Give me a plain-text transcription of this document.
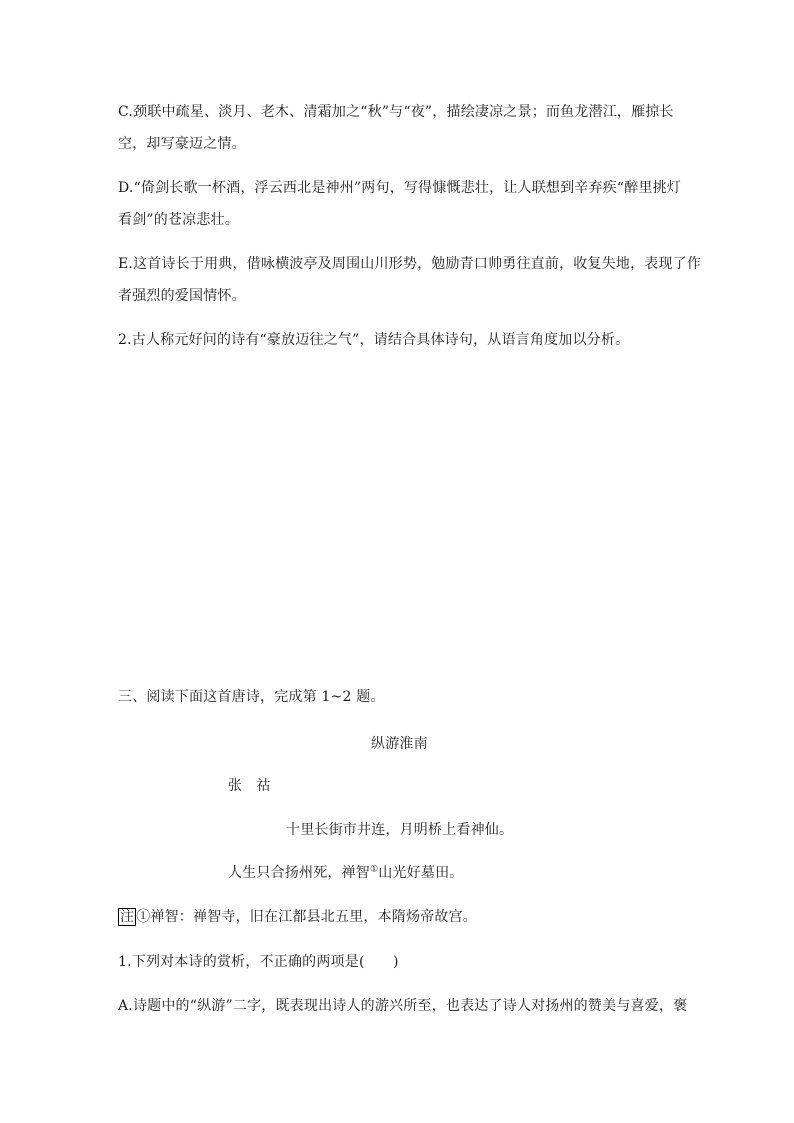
C.颈联中疏星、淡月、老木、清霜加之“秋”与“夜”，描绘凄凉之景；而鱼龙潜江，雁掠长
空，却写豪迈之情。
D.“倚剑长歌一杯酒，浮云西北是神州”两句，写得慷慨悲壮，让人联想到辛弃疾“醉里挑灯
看剑”的苍凉悲壮。
E.这首诗长于用典，借咏横波亭及周围山川形势，勉励青口帅勇往直前，收复失地，表现了作
者强烈的爱国情怀。
2.古人称元好问的诗有“豪放迈往之气”，请结合具体诗句，从语言角度加以分析。
三、阅读下面这首唐诗，完成第 1~2 题。
纵游淮南
张　祜
十里长街市井连，月明桥上看神仙。
人生只合扬州死，禅智①山光好墓田。
注 ①禅智：禅智寺，旧在江都县北五里，本隋炀帝故宫。
1.下列对本诗的赏析，不正确的两项是(　　)
A.诗题中的“纵游”二字，既表现出诗人的游兴所至，也表达了诗人对扬州的赞美与喜爱，褒
